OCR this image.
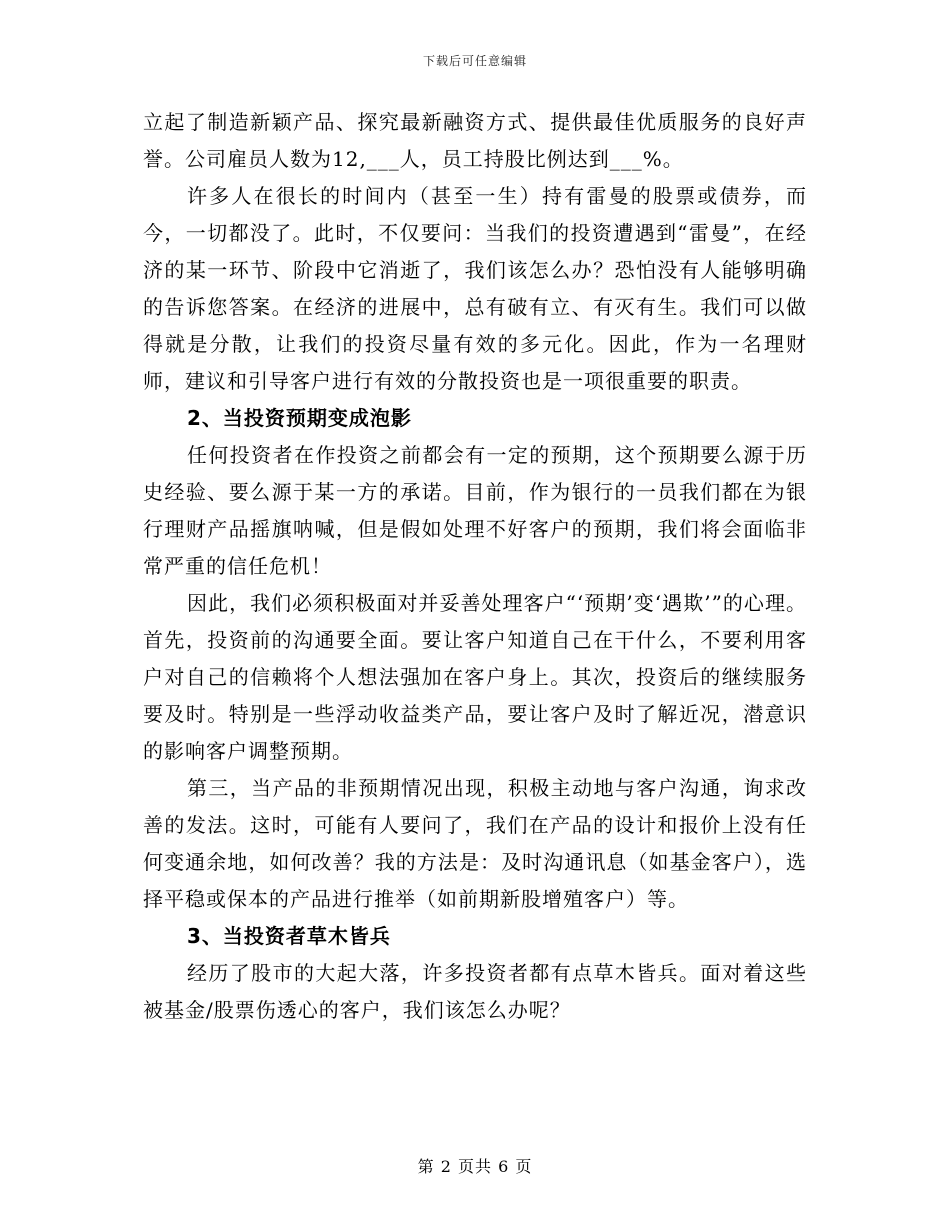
下载后可任意编辑

立起了制造新颖产品、探究最新融资方式、提供最佳优质服务的良好声誉。公司雇员人数为12,___人，员工持股比例达到___%。

许多人在很长的时间内（甚至一生）持有雷曼的股票或债券，而今，一切都没了。此时，不仅要问：当我们的投资遭遇到“雷曼”，在经济的某一环节、阶段中它消逝了，我们该怎么办？恐怕没有人能够明确的告诉您答案。在经济的进展中，总有破有立、有灭有生。我们可以做得就是分散，让我们的投资尽量有效的多元化。因此，作为一名理财师，建议和引导客户进行有效的分散投资也是一项很重要的职责。

2、当投资预期变成泡影

任何投资者在作投资之前都会有一定的预期，这个预期要么源于历史经验、要么源于某一方的承诺。目前，作为银行的一员我们都在为银行理财产品摇旗呐喊，但是假如处理不好客户的预期，我们将会面临非常严重的信任危机！

因此，我们必须积极面对并妥善处理客户“‘预期’变‘遇欺’”的心理。首先，投资前的沟通要全面。要让客户知道自己在干什么，不要利用客户对自己的信赖将个人想法强加在客户身上。其次，投资后的继续服务要及时。特别是一些浮动收益类产品，要让客户及时了解近况，潜意识的影响客户调整预期。

第三，当产品的非预期情况出现，积极主动地与客户沟通，询求改善的发法。这时，可能有人要问了，我们在产品的设计和报价上没有任何变通余地，如何改善？我的方法是：及时沟通讯息（如基金客户），选择平稳或保本的产品进行推举（如前期新股增殖客户）等。

3、当投资者草木皆兵

经历了股市的大起大落，许多投资者都有点草木皆兵。面对着这些被基金/股票伤透心的客户，我们该怎么办呢？

第 2 页共 6 页
